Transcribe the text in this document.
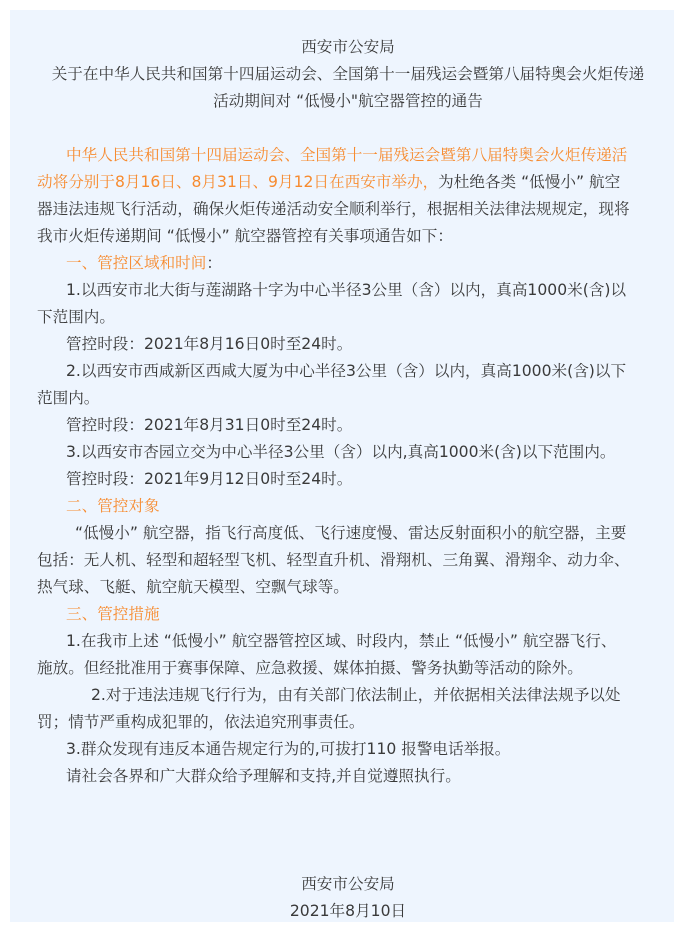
西安市公安局
关于在中华人民共和国第十四届运动会、全国第十一届残运会暨第八届特奥会火炬传递
活动期间对 “低慢小"航空器管控的通告
中华人民共和国第十四届运动会、全国第十一届残运会暨第八届特奥会火炬传递活
动将分别于8月16日、8月31日、9月12日在西安市举办，为杜绝各类 “低慢小” 航空
器违法违规飞行活动，确保火炬传递活动安全顺利举行，根据相关法律法规规定，现将
我市火炬传递期间 “低慢小” 航空器管控有关事项通告如下：
一、管控区域和时间：
1.以西安市北大街与莲湖路十字为中心半径3公里（含）以内，真高1000米(含)以
下范围内。
管控时段：2021年8月16日0时至24时。
2.以西安市西咸新区西咸大厦为中心半径3公里（含）以内，真高1000米(含)以下
范围内。
管控时段：2021年8月31日0时至24时。
3.以西安市杏园立交为中心半径3公里（含）以内,真高1000米(含)以下范围内。
管控时段：2021年9月12日0时至24时。
二、管控对象
“低慢小” 航空器，指飞行高度低、飞行速度慢、雷达反射面积小的航空器，主要
包括：无人机、轻型和超轻型飞机、轻型直升机、滑翔机、三角翼、滑翔伞、动力伞、
热气球、飞艇、航空航天模型、空飘气球等。
三、管控措施
1.在我市上述 “低慢小” 航空器管控区域、时段内，禁止 “低慢小” 航空器飞行、
施放。但经批准用于赛事保障、应急救援、媒体拍摄、警务执勤等活动的除外。
2.对于违法违规飞行行为，由有关部门依法制止，并依据相关法律法规予以处
罚；情节严重构成犯罪的，依法追究刑事责任。
3.群众发现有违反本通告规定行为的,可拔打110 报警电话举报。
请社会各界和广大群众给予理解和支持,并自觉遵照执行。
西安市公安局
2021年8月10日
